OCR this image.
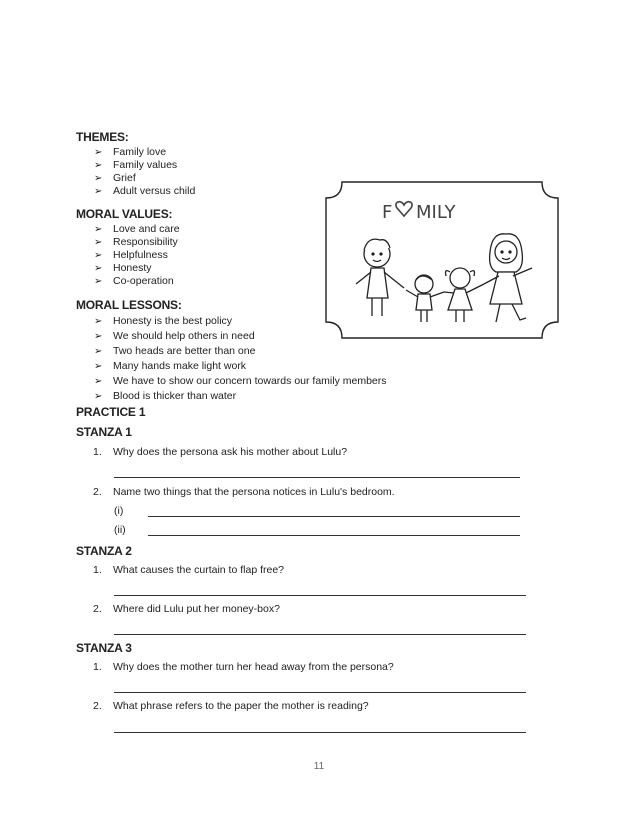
THEMES:
➢ Family love
➢ Family values
➢ Grief
➢ Adult versus child
MORAL VALUES:
➢ Love and care
➢ Responsibility
➢ Helpfulness
➢ Honesty
➢ Co-operation
MORAL LESSONS:
➢ Honesty is the best policy
➢ We should help others in need
➢ Two heads are better than one
➢ Many hands make light work
➢ We have to show our concern towards our family members
➢ Blood is thicker than water
PRACTICE 1
STANZA 1
1. Why does the persona ask his mother about Lulu?
2. Name two things that the persona notices in Lulu's bedroom.
(i)
(ii)
STANZA 2
1. What causes the curtain to flap free?
2. Where did Lulu put her money-box?
STANZA 3
1. Why does the mother turn her head away from the persona?
2. What phrase refers to the paper the mother is reading?
11
F MILY
